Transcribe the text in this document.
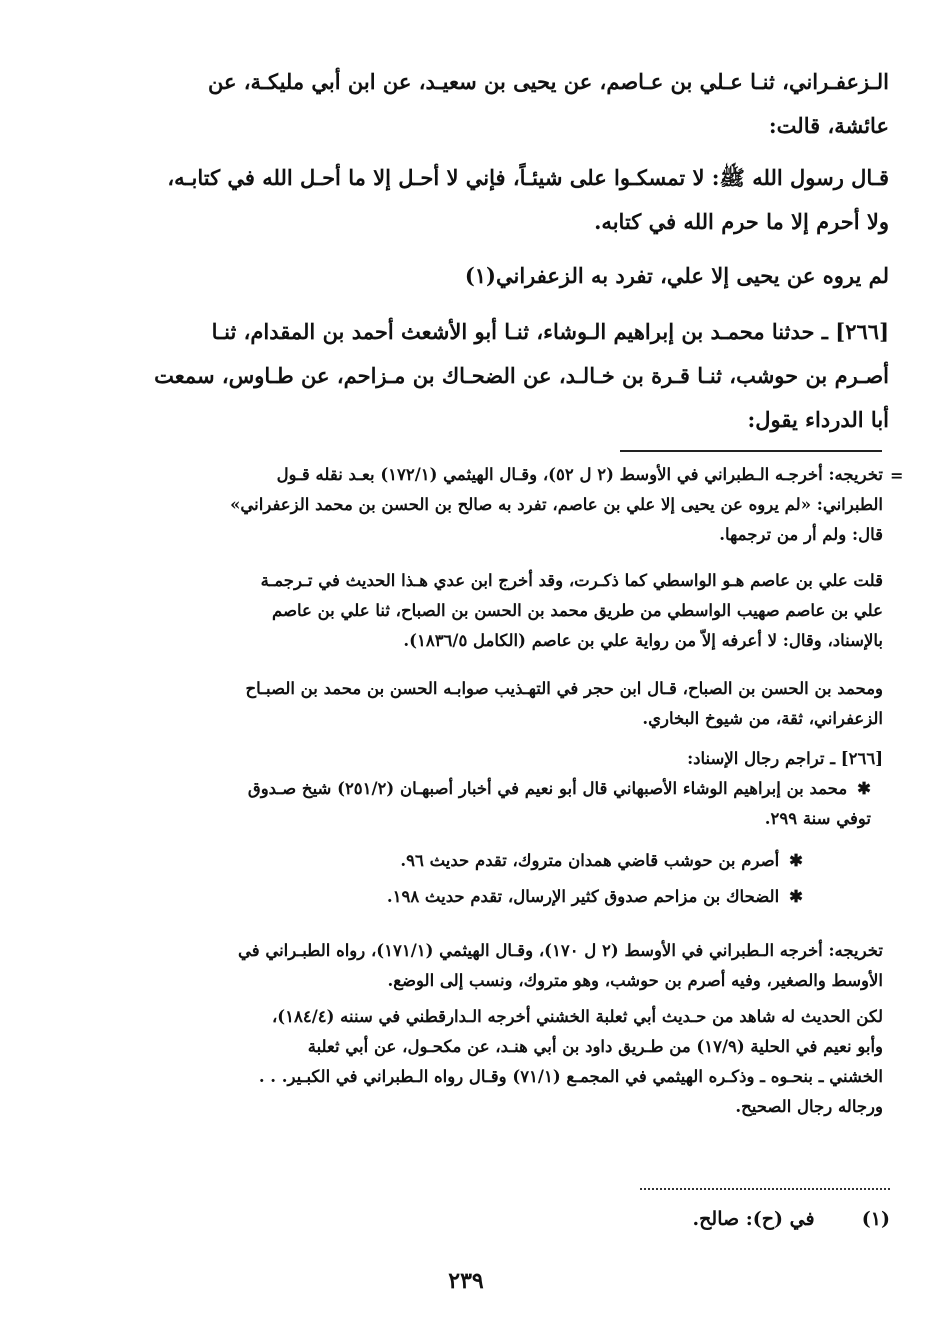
الـزعفـراني، ثنـا عـلي بن عـاصم، عن يحيى بن سعيـد، عن ابن أبي مليكـة، عن
عائشة، قالت:
قـال رسول الله ﷺ: لا تمسكـوا على شيئـاً، فإني لا أحـل إلا ما أحـل الله في كتابـه،
ولا أحرم إلا ما حرم الله في كتابه.
لم يروه عن يحيى إلا علي، تفرد به الزعفراني(١)
[٢٦٦] ـ حدثنا محمـد بن إبراهيم الـوشاء، ثنـا أبو الأشعث أحمد بن المقدام، ثنـا
أصـرم بن حوشب، ثنـا قـرة بن خـالـد، عن الضحـاك بن مـزاحم، عن طـاوس، سمعت
أبا الدرداء يقول:
=
تخريجه: أخرجـه الـطبراني في الأوسط (٢ ل ٥٢)، وقـال الهيثمي (١٧٢/١) بعـد نقله قـول
الطبراني: «لم يروه عن يحيى إلا علي بن عاصم، تفرد به صالح بن الحسن بن محمد الزعفراني»
قال: ولم أر من ترجمها.
قلت علي بن عاصم هـو الواسطي كما ذكـرت، وقد أخرج ابن عدي هـذا الحديث في تـرجمـة
علي بن عاصم صهيب الواسطي من طريق محمد بن الحسن بن الصباح، ثنا علي بن عاصم
بالإسناد، وقال: لا أعرفه إلاّ من رواية علي بن عاصم (الكامل ١٨٣٦/٥).
ومحمد بن الحسن بن الصباح، قـال ابن حجر في التهـذيب صوابـه الحسن بن محمد بن الصبـاح
الزعفراني، ثقة، من شيوخ البخاري.
[٢٦٦] ـ تراجم رجال الإسناد:
✱محمد بن إبراهيم الوشاء الأصبهاني قال أبو نعيم في أخبار أصبهـان (٢٥١/٢) شيخ صـدوق
توفي سنة ٢٩٩.
✱أصرم بن حوشب قاضي همدان متروك، تقدم حديث ٩٦.
✱الضحاك بن مزاحم صدوق كثير الإرسال، تقدم حديث ١٩٨.
تخريجه: أخرجه الـطبراني في الأوسط (٢ ل ١٧٠)، وقـال الهيثمي (١٧١/١)، رواه الطبـراني في
الأوسط والصغير، وفيه أصرم بن حوشب، وهو متروك، ونسب إلى الوضع.
لكن الحديث له شاهد من حـديث أبي ثعلبة الخشني أخرجه الـدارقطني في سننه (١٨٤/٤)،
وأبو نعيم في الحلية (١٧/٩) من طـريق داود بن أبي هنـد، عن مكحـول، عن أبي ثعلبة
الخشني ـ بنحـوه ـ وذكـره الهيثمي في المجمـع (٧١/١) وقـال رواه الـطبراني في الكبـير. . .
ورجاله رجال الصحيح.
(١)  في (ح): صالح.
٢٣٩
